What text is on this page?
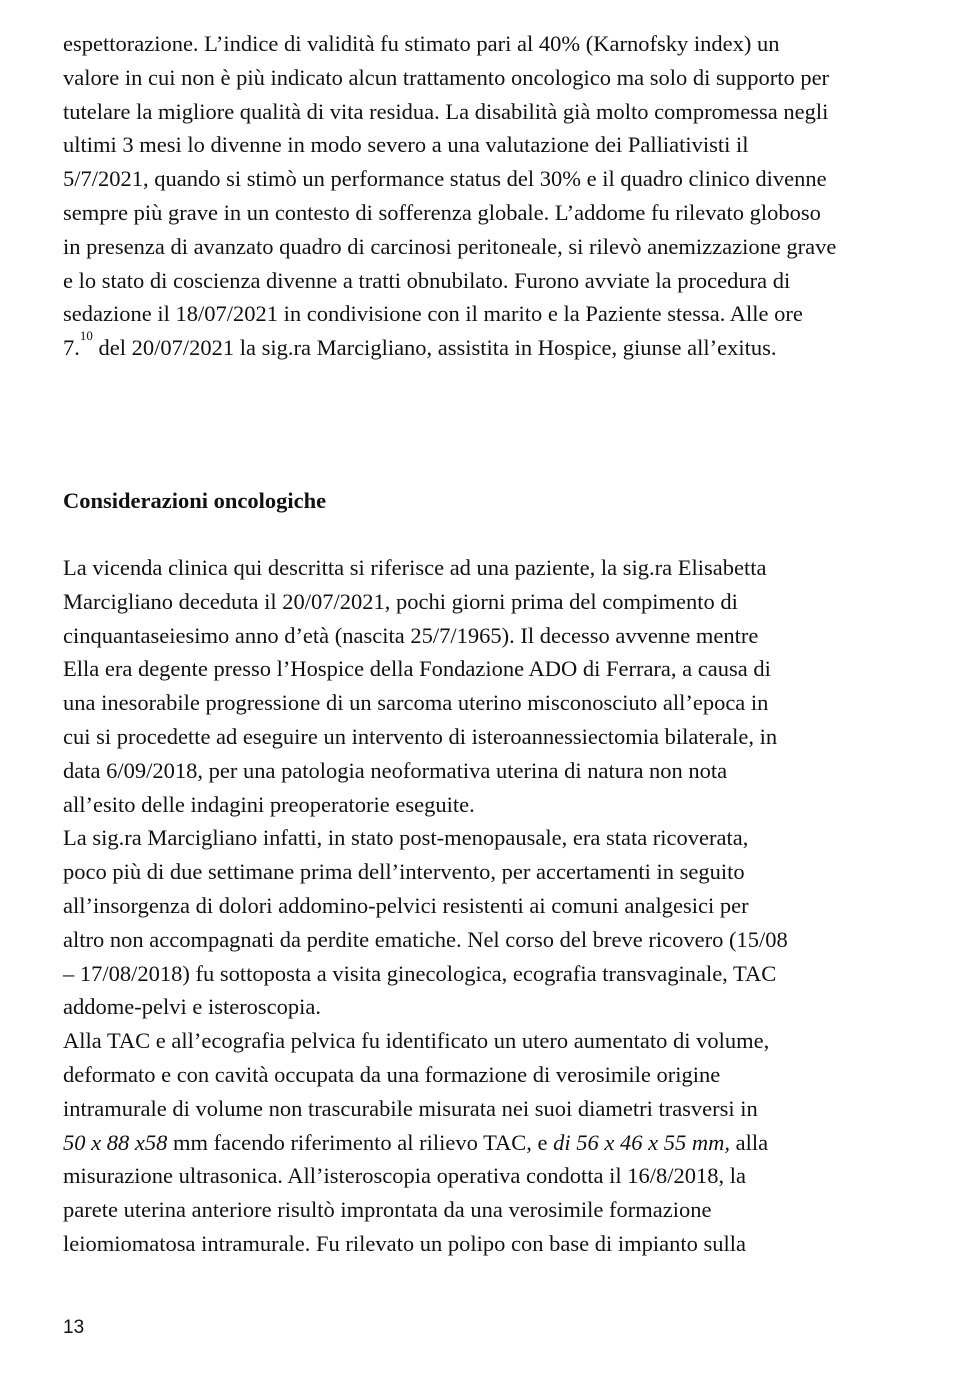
espettorazione. L’indice di validità fu stimato pari al 40% (Karnofsky index) un
valore in cui non è più indicato alcun trattamento oncologico ma solo di supporto per
tutelare la migliore qualità di vita residua. La disabilità già molto compromessa negli
ultimi 3 mesi lo divenne in modo severo a una valutazione dei Palliativisti il
5/7/2021, quando si stimò un performance status del 30% e il quadro clinico divenne
sempre più grave in un contesto di sofferenza globale. L’addome fu rilevato globoso
in presenza di avanzato quadro di carcinosi peritoneale, si rilevò anemizzazione grave
e lo stato di coscienza divenne a tratti obnubilato. Furono avviate la procedura di
sedazione il 18/07/2021 in condivisione con il marito e la Paziente stessa. Alle ore
7.10 del 20/07/2021 la sig.ra Marcigliano, assistita in Hospice, giunse all’exitus.
Considerazioni oncologiche
La vicenda clinica qui descritta si riferisce ad una paziente, la sig.ra Elisabetta
Marcigliano deceduta il 20/07/2021, pochi giorni prima del compimento di
cinquantaseiesimo anno d’età (nascita 25/7/1965). Il decesso avvenne mentre
Ella era degente presso l’Hospice della Fondazione ADO di Ferrara, a causa di
una inesorabile progressione di un sarcoma uterino misconosciuto all’epoca in
cui si procedette ad eseguire un intervento di isteroannessiectomia bilaterale, in
data 6/09/2018, per una patologia neoformativa uterina di natura non nota
all’esito delle indagini preoperatorie eseguite.
La sig.ra Marcigliano infatti, in stato post-menopausale, era stata ricoverata,
poco più di due settimane prima dell’intervento, per accertamenti in seguito
all’insorgenza di dolori addomino-pelvici resistenti ai comuni analgesici per
altro non accompagnati da perdite ematiche. Nel corso del breve ricovero (15/08
– 17/08/2018) fu sottoposta a visita ginecologica, ecografia transvaginale, TAC
addome-pelvi e isteroscopia.
Alla TAC e all’ecografia pelvica fu identificato un utero aumentato di volume,
deformato e con cavità occupata da una formazione di verosimile origine
intramurale di volume non trascurabile misurata nei suoi diametri trasversi in
50 x 88 x58 mm facendo riferimento al rilievo TAC, e di 56 x 46 x 55 mm, alla
misurazione ultrasonica. All’isteroscopia operativa condotta il 16/8/2018, la
parete uterina anteriore risultò improntata da una verosimile formazione
leiomiomatosa intramurale. Fu rilevato un polipo con base di impianto sulla
13
